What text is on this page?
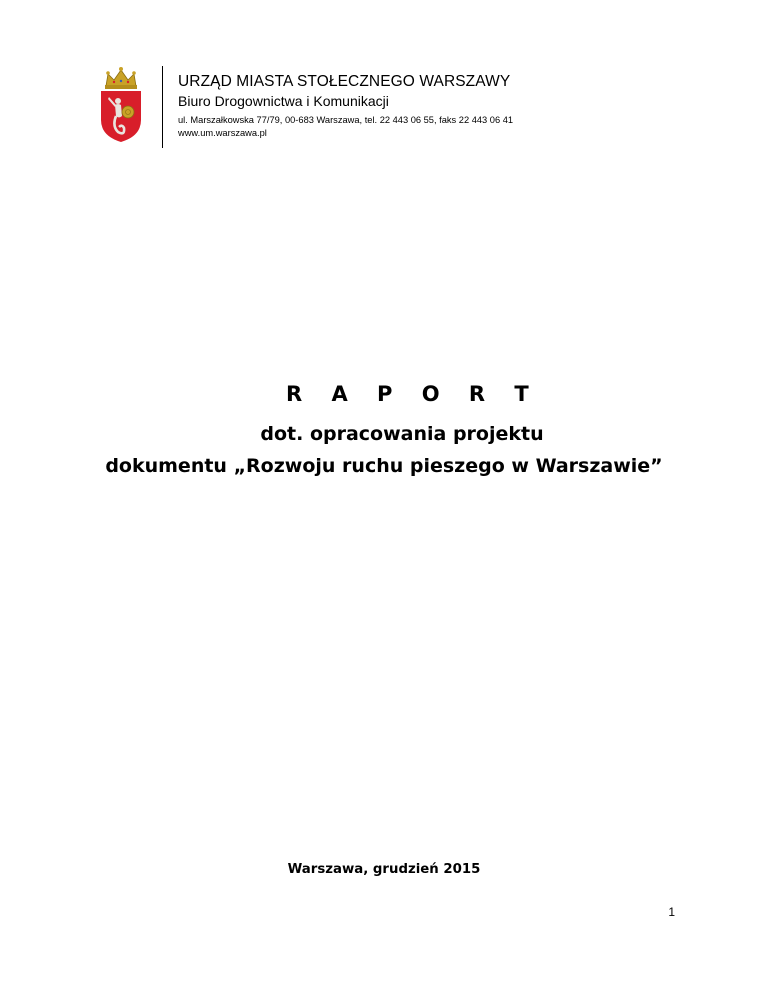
URZĄD MIASTA STOŁECZNEGO WARSZAWY
Biuro Drogownictwa i Komunikacji
ul. Marszałkowska 77/79, 00-683 Warszawa, tel. 22 443 06 55, faks 22 443 06 41
www.um.warszawa.pl
R A P O R T
dot. opracowania projektu
dokumentu „Rozwoju ruchu pieszego w Warszawie”
Warszawa, grudzień 2015
1
